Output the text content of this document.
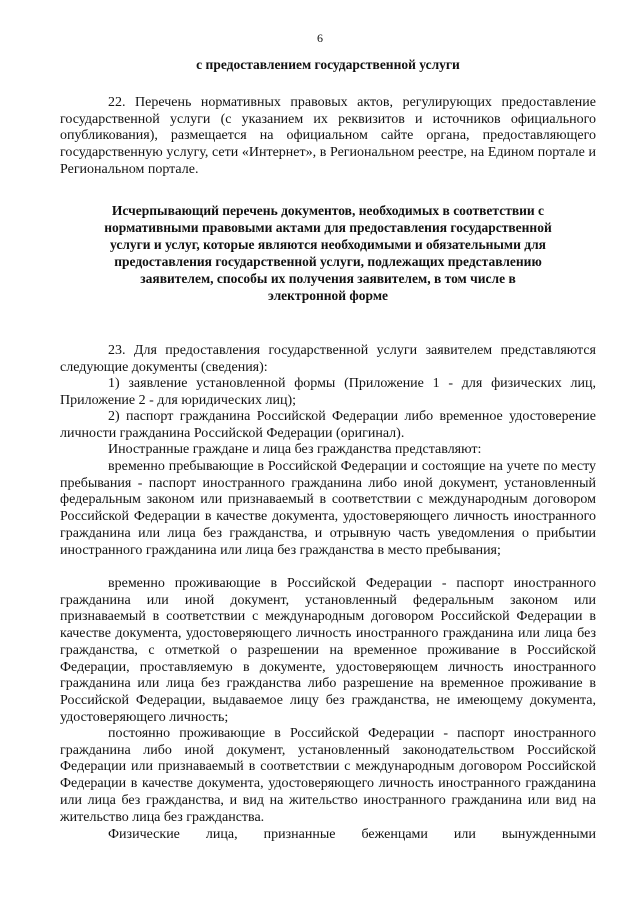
6
с предоставлением государственной услуги

22. Перечень нормативных правовых актов, регулирующих предоставление государственной услуги (с указанием их реквизитов и источников официального опубликования), размещается на официальном сайте органа, предоставляющего государственную услугу, сети «Интернет», в Региональном реестре, на Едином портале и Региональном портале.

Исчерпывающий перечень документов, необходимых в соответствии с нормативными правовыми актами для предоставления государственной услуги и услуг, которые являются необходимыми и обязательными для предоставления государственной услуги, подлежащих представлению заявителем, способы их получения заявителем, в том числе в электронной форме

23. Для предоставления государственной услуги заявителем представляются следующие документы (сведения):

1) заявление установленной формы (Приложение 1 - для физических лиц, Приложение 2 - для юридических лиц);

2) паспорт гражданина Российской Федерации либо временное удостоверение личности гражданина Российской Федерации (оригинал).

Иностранные граждане и лица без гражданства представляют:

временно пребывающие в Российской Федерации и состоящие на учете по месту пребывания - паспорт иностранного гражданина либо иной документ, установленный федеральным законом или признаваемый в соответствии с международным договором Российской Федерации в качестве документа, удостоверяющего личность иностранного гражданина или лица без гражданства, и отрывную часть уведомления о прибытии иностранного гражданина или лица без гражданства в место пребывания;

временно проживающие в Российской Федерации - паспорт иностранного гражданина или иной документ, установленный федеральным законом или признаваемый в соответствии с международным договором Российской Федерации в качестве документа, удостоверяющего личность иностранного гражданина или лица без гражданства, с отметкой о разрешении на временное проживание в Российской Федерации, проставляемую в документе, удостоверяющем личность иностранного гражданина или лица без гражданства либо разрешение на временное проживание в Российской Федерации, выдаваемое лицу без гражданства, не имеющему документа, удостоверяющего личность;

постоянно проживающие в Российской Федерации - паспорт иностранного гражданина либо иной документ, установленный законодательством Российской Федерации или признаваемый в соответствии с международным договором Российской Федерации в качестве документа, удостоверяющего личность иностранного гражданина или лица без гражданства, и вид на жительство иностранного гражданина или вид на жительство лица без гражданства.

Физические лица, признанные беженцами или вынужденными
